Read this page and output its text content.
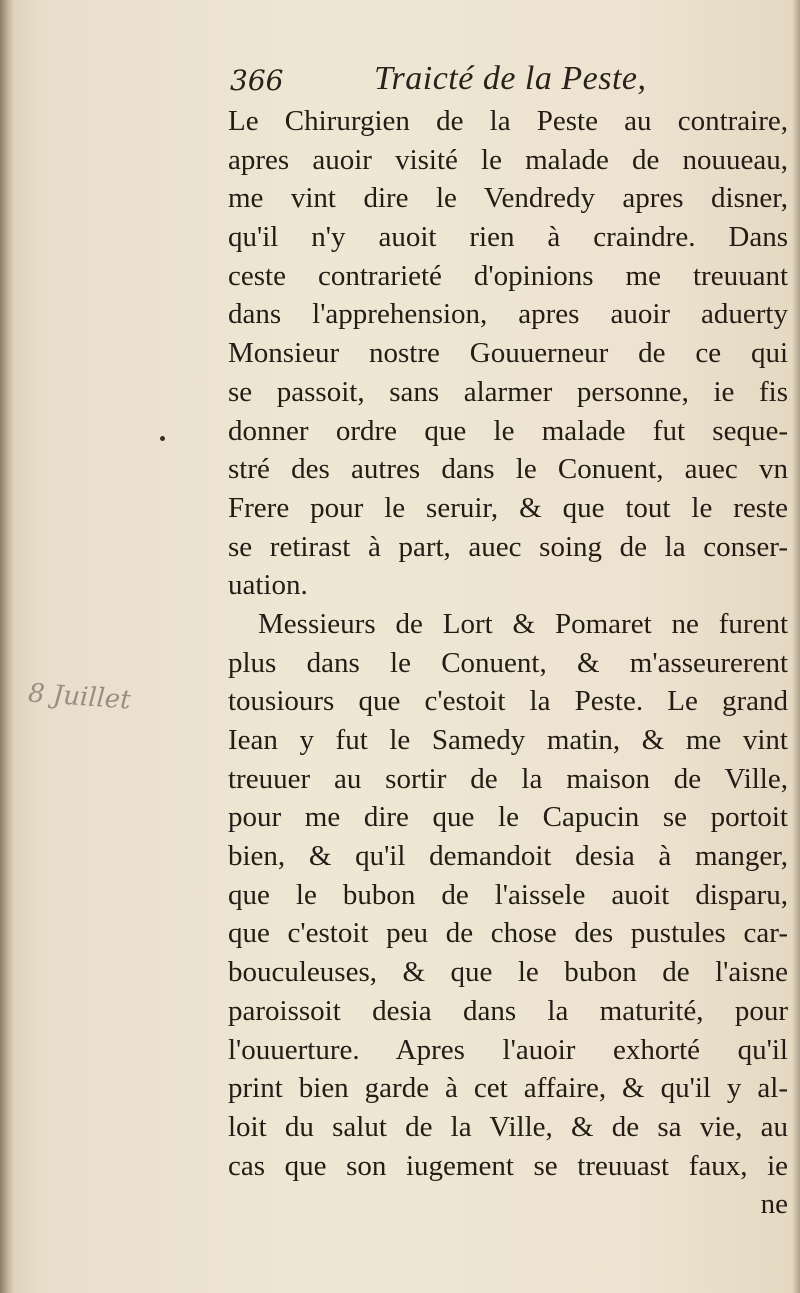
366	Traicté de la Peste,
8 Juillet
Le Chirurgien de la Peste au contraire,
apres auoir visité le malade de nouueau,
me vint dire le Vendredy apres disner,
qu'il n'y auoit rien à craindre. Dans
ceste contrarieté d'opinions me treuuant
dans l'apprehension, apres auoir aduerty
Monsieur nostre Gouuerneur de ce qui
se passoit, sans alarmer personne, ie fis
donner ordre que le malade fut seque-
stré des autres dans le Conuent, auec vn
Frere pour le seruir, & que tout le reste
se retirast à part, auec soing de la conser-
uation.
Messieurs de Lort & Pomaret ne furent
plus dans le Conuent, & m'asseurerent
tousiours que c'estoit la Peste. Le grand
Iean y fut le Samedy matin, & me vint
treuuer au sortir de la maison de Ville,
pour me dire que le Capucin se portoit
bien, & qu'il demandoit desia à manger,
que le bubon de l'aissele auoit disparu,
que c'estoit peu de chose des pustules car-
bouculeuses, & que le bubon de l'aisne
paroissoit desia dans la maturité, pour
l'ouuerture. Apres l'auoir exhorté qu'il
print bien garde à cet affaire, & qu'il y al-
loit du salut de la Ville, & de sa vie, au
cas que son iugement se treuuast faux, ie
ne
